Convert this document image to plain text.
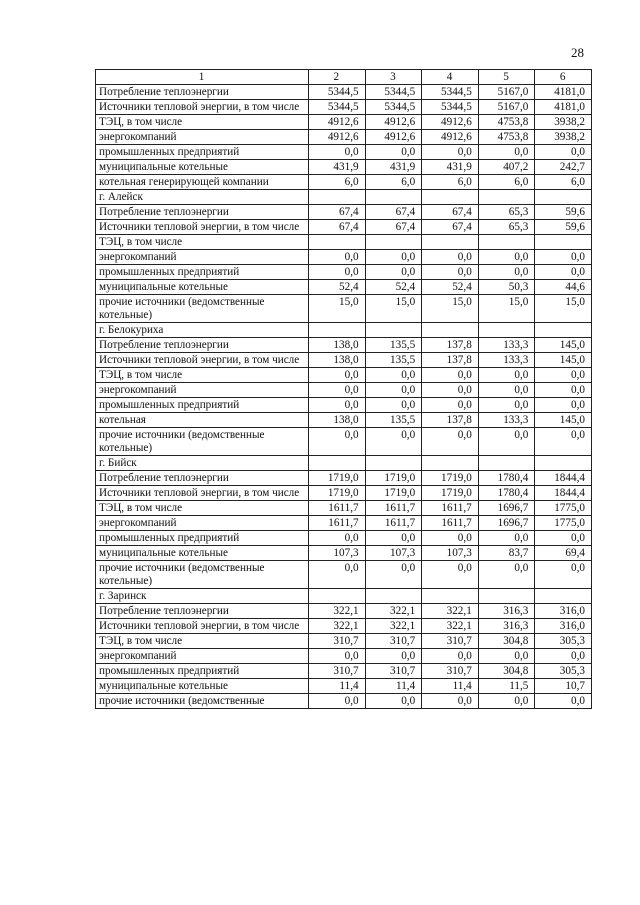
28
1	2	3	4	5	6
Потребление теплоэнергии	5344,5	5344,5	5344,5	5167,0	4181,0
Источники тепловой энергии, в том числе	5344,5	5344,5	5344,5	5167,0	4181,0
ТЭЦ, в том числе	4912,6	4912,6	4912,6	4753,8	3938,2
энергокомпаний	4912,6	4912,6	4912,6	4753,8	3938,2
промышленных предприятий	0,0	0,0	0,0	0,0	0,0
муниципальные котельные	431,9	431,9	431,9	407,2	242,7
котельная генерирующей компании	6,0	6,0	6,0	6,0	6,0
г. Алейск					
Потребление теплоэнергии	67,4	67,4	67,4	65,3	59,6
Источники тепловой энергии, в том числе	67,4	67,4	67,4	65,3	59,6
ТЭЦ, в том числе					
энергокомпаний	0,0	0,0	0,0	0,0	0,0
промышленных предприятий	0,0	0,0	0,0	0,0	0,0
муниципальные котельные	52,4	52,4	52,4	50,3	44,6
прочие источники (ведомственные котельные)	15,0	15,0	15,0	15,0	15,0
г. Белокуриха					
Потребление теплоэнергии	138,0	135,5	137,8	133,3	145,0
Источники тепловой энергии, в том числе	138,0	135,5	137,8	133,3	145,0
ТЭЦ, в том числе	0,0	0,0	0,0	0,0	0,0
энергокомпаний	0,0	0,0	0,0	0,0	0,0
промышленных предприятий	0,0	0,0	0,0	0,0	0,0
котельная	138,0	135,5	137,8	133,3	145,0
прочие источники (ведомственные котельные)	0,0	0,0	0,0	0,0	0,0
г. Бийск					
Потребление теплоэнергии	1719,0	1719,0	1719,0	1780,4	1844,4
Источники тепловой энергии, в том числе	1719,0	1719,0	1719,0	1780,4	1844,4
ТЭЦ, в том числе	1611,7	1611,7	1611,7	1696,7	1775,0
энергокомпаний	1611,7	1611,7	1611,7	1696,7	1775,0
промышленных предприятий	0,0	0,0	0,0	0,0	0,0
муниципальные котельные	107,3	107,3	107,3	83,7	69,4
прочие источники (ведомственные котельные)	0,0	0,0	0,0	0,0	0,0
г. Заринск					
Потребление теплоэнергии	322,1	322,1	322,1	316,3	316,0
Источники тепловой энергии, в том числе	322,1	322,1	322,1	316,3	316,0
ТЭЦ, в том числе	310,7	310,7	310,7	304,8	305,3
энергокомпаний	0,0	0,0	0,0	0,0	0,0
промышленных предприятий	310,7	310,7	310,7	304,8	305,3
муниципальные котельные	11,4	11,4	11,4	11,5	10,7
прочие источники (ведомственные	0,0	0,0	0,0	0,0	0,0
